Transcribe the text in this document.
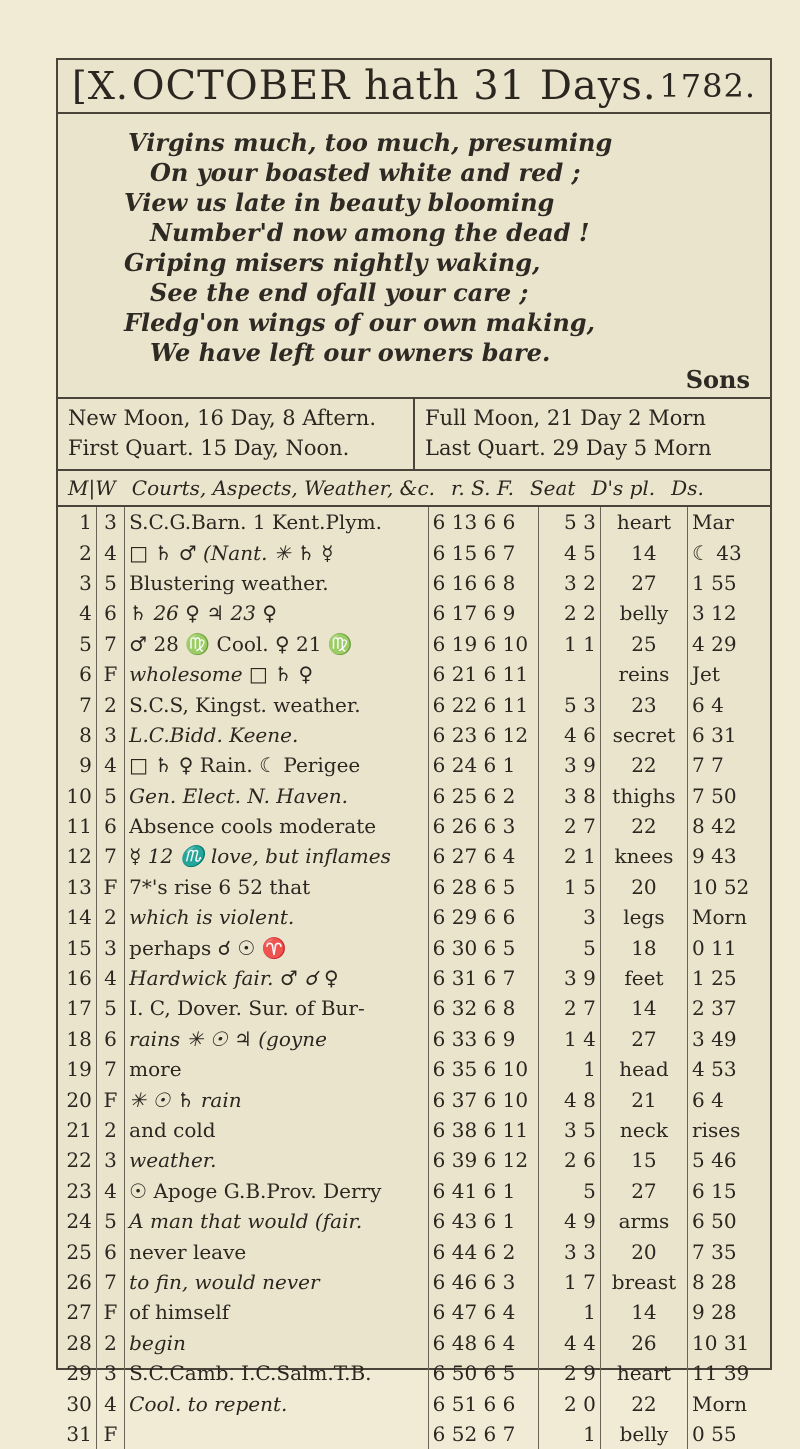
[X. OCTOBER hath 31 Days. 1782.
Virgins much, too much, presuming
On your boasted white and red ;
View us late in beauty blooming
Number'd now among the dead !
Griping misers nightly waking,
See the end ofall your care ;
Fledg'on wings of our own making,
We have left our owners bare.
Sons
New Moon, 16 Day, 8 Aftern.
First Quart. 15 Day, Noon.
Full Moon, 21 Day 2 Morn
Last Quart. 29 Day 5 Morn
M|W Courts, Aspects, Weather, &c. r. S. F. Seat D's pl. Ds.
1	3	S.C.G.Barn. 1 Kent.Plym.	6 13 6 6	5 3	heart	Mar
2	4	□ ♄ ♂ (Nant. ✳ ♄ ☿	6 15 6 7	4 5	14	☾ 43
3	5	Blustering weather.	6 16 6 8	3 2	27	1 55
4	6	♄ 26 ♀ ♃ 23 ♀	6 17 6 9	2 2	belly	3 12
5	7	♂ 28 ♍ Cool. ♀ 21 ♍	6 19 6 10	1 1	25	4 29
6	F	wholesome □ ♄ ♀	6 21 6 11		reins	Jet
7	2	S.C.S, Kingst. weather.	6 22 6 11	5 3	23	6 4
8	3	L.C.Bidd. Keene.	6 23 6 12	4 6	secret	6 31
9	4	□ ♄ ♀ Rain. ☾ Perigee	6 24 6 1	3 9	22	7 7
10	5	Gen. Elect. N. Haven.	6 25 6 2	3 8	thighs	7 50
11	6	Absence cools moderate	6 26 6 3	2 7	22	8 42
12	7	☿ 12 ♏ love, but inflames	6 27 6 4	2 1	knees	9 43
13	F	7*'s rise 6 52 that	6 28 6 5	1 5	20	10 52
14	2	which is violent.	6 29 6 6	3	legs	Morn
15	3	perhaps ☌ ☉ ♈	6 30 6 5	5	18	0 11
16	4	Hardwick fair. ♂ ☌ ♀	6 31 6 7	3 9	feet	1 25
17	5	I. C, Dover. Sur. of Bur-	6 32 6 8	2 7	14	2 37
18	6	rains ✳ ☉ ♃ (goyne	6 33 6 9	1 4	27	3 49
19	7	more	6 35 6 10	1	head	4 53
20	F	✳ ☉ ♄ rain	6 37 6 10	4 8	21	6 4
21	2	and cold	6 38 6 11	3 5	neck	rises
22	3	weather.	6 39 6 12	2 6	15	5 46
23	4	☉ Apoge G.B.Prov. Derry	6 41 6 1	5	27	6 15
24	5	A man that would (fair.	6 43 6 1	4 9	arms	6 50
25	6	never leave	6 44 6 2	3 3	20	7 35
26	7	to fin, would never	6 46 6 3	1 7	breast	8 28
27	F	of himself	6 47 6 4	1	14	9 28
28	2	begin	6 48 6 4	4 4	26	10 31
29	3	S.C.Camb. I.C.Salm.T.B.	6 50 6 5	2 9	heart	11 39
30	4	Cool. to repent.	6 51 6 6	2 0	22	Morn
31	F		6 52 6 7	1	belly	0 55
